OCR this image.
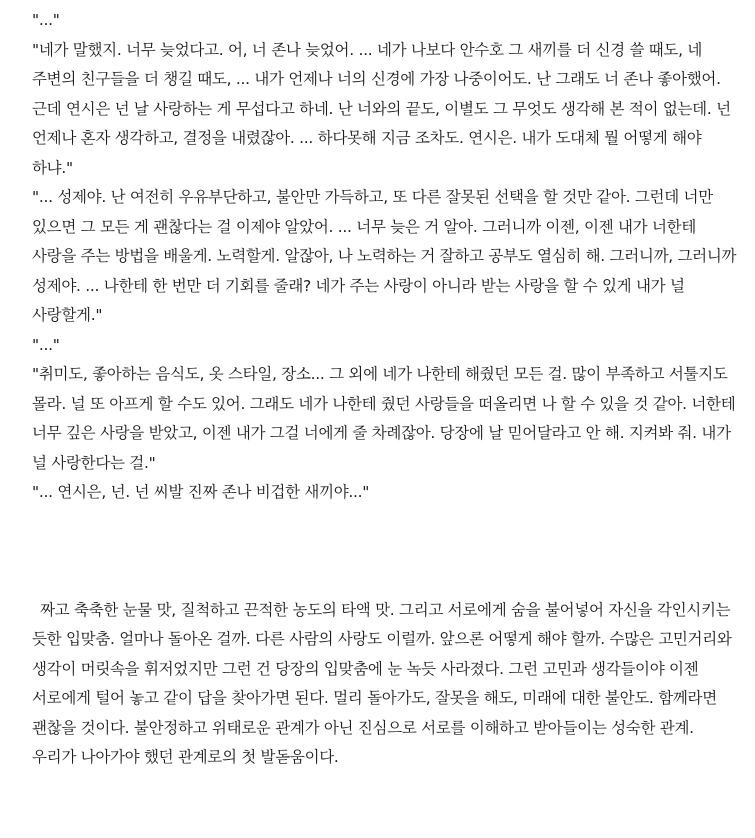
"..."

"네가 말했지. 너무 늦었다고. 어, 너 존나 늦었어. ... 네가 나보다 안수호 그 새끼를 더 신경 쓸 때도, 네 주변의 친구들을 더 챙길 때도, ... 내가 언제나 너의 신경에 가장 나중이어도. 난 그래도 너 존나 좋아했어. 근데 연시은 넌 날 사랑하는 게 무섭다고 하네. 난 너와의 끝도, 이별도 그 무엇도 생각해 본 적이 없는데. 넌 언제나 혼자 생각하고, 결정을 내렸잖아. ... 하다못해 지금 조차도. 연시은. 내가 도대체 뭘 어떻게 해야 하냐."

"... 성제야. 난 여전히 우유부단하고, 불안만 가득하고, 또 다른 잘못된 선택을 할 것만 같아. 그런데 너만 있으면 그 모든 게 괜찮다는 걸 이제야 알았어. ... 너무 늦은 거 알아. 그러니까 이젠, 이젠 내가 너한테 사랑을 주는 방법을 배울게. 노력할게. 알잖아, 나 노력하는 거 잘하고 공부도 열심히 해. 그러니까, 그러니까 성제야. ... 나한테 한 번만 더 기회를 줄래? 네가 주는 사랑이 아니라 받는 사랑을 할 수 있게 내가 널 사랑할게."

"..."

"취미도, 좋아하는 음식도, 옷 스타일, 장소... 그 외에 네가 나한테 해줬던 모든 걸. 많이 부족하고 서툴지도 몰라. 널 또 아프게 할 수도 있어. 그래도 네가 나한테 줬던 사랑들을 떠올리면 나 할 수 있을 것 같아. 너한테 너무 깊은 사랑을 받았고, 이젠 내가 그걸 너에게 줄 차례잖아. 당장에 날 믿어달라고 안 해. 지켜봐 줘. 내가 널 사랑한다는 걸."

"... 연시은, 넌. 넌 씨발 진짜 존나 비겁한 새끼야..."

짜고 축축한 눈물 맛, 질척하고 끈적한 농도의 타액 맛. 그리고 서로에게 숨을 불어넣어 자신을 각인시키는 듯한 입맞춤. 얼마나 돌아온 걸까. 다른 사람의 사랑도 이럴까. 앞으론 어떻게 해야 할까. 수많은 고민거리와 생각이 머릿속을 휘저었지만 그런 건 당장의 입맞춤에 눈 녹듯 사라졌다. 그런 고민과 생각들이야 이젠 서로에게 털어 놓고 같이 답을 찾아가면 된다. 멀리 돌아가도, 잘못을 해도, 미래에 대한 불안도. 함께라면 괜찮을 것이다. 불안정하고 위태로운 관계가 아닌 진심으로 서로를 이해하고 받아들이는 성숙한 관계. 우리가 나아가야 했던 관계로의 첫 발돋움이다.
